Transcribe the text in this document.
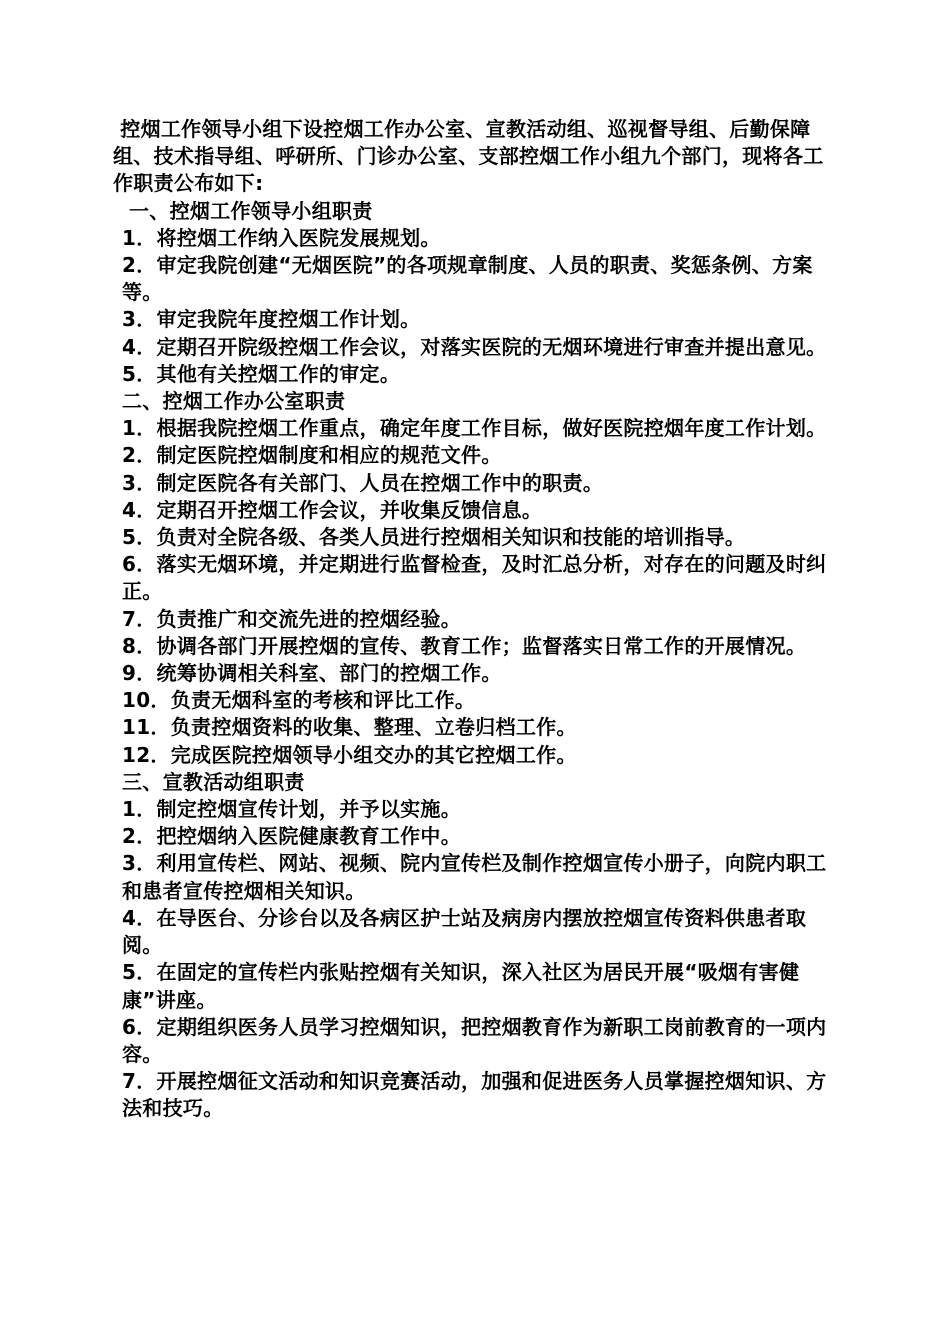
控烟工作领导小组下设控烟工作办公室、宣教活动组、巡视督导组、后勤保障组、技术指导组、呼研所、门诊办公室、支部控烟工作小组九个部门，现将各工作职责公布如下:

一、控烟工作领导小组职责

1．将控烟工作纳入医院发展规划。

2．审定我院创建“无烟医院”的各项规章制度、人员的职责、奖惩条例、方案等。

3．审定我院年度控烟工作计划。

4．定期召开院级控烟工作会议，对落实医院的无烟环境进行审查并提出意见。

5．其他有关控烟工作的审定。

二、控烟工作办公室职责

1．根据我院控烟工作重点，确定年度工作目标，做好医院控烟年度工作计划。

2．制定医院控烟制度和相应的规范文件。

3．制定医院各有关部门、人员在控烟工作中的职责。

4．定期召开控烟工作会议，并收集反馈信息。

5．负责对全院各级、各类人员进行控烟相关知识和技能的培训指导。

6．落实无烟环境，并定期进行监督检查，及时汇总分析，对存在的问题及时纠正。

7．负责推广和交流先进的控烟经验。

8．协调各部门开展控烟的宣传、教育工作；监督落实日常工作的开展情况。

9．统筹协调相关科室、部门的控烟工作。

10．负责无烟科室的考核和评比工作。

11．负责控烟资料的收集、整理、立卷归档工作。

12．完成医院控烟领导小组交办的其它控烟工作。

三、宣教活动组职责

1．制定控烟宣传计划，并予以实施。

2．把控烟纳入医院健康教育工作中。

3．利用宣传栏、网站、视频、院内宣传栏及制作控烟宣传小册子，向院内职工和患者宣传控烟相关知识。

4．在导医台、分诊台以及各病区护士站及病房内摆放控烟宣传资料供患者取阅。

5．在固定的宣传栏内张贴控烟有关知识，深入社区为居民开展“吸烟有害健康”讲座。

6．定期组织医务人员学习控烟知识，把控烟教育作为新职工岗前教育的一项内容。

7．开展控烟征文活动和知识竞赛活动，加强和促进医务人员掌握控烟知识、方法和技巧。
